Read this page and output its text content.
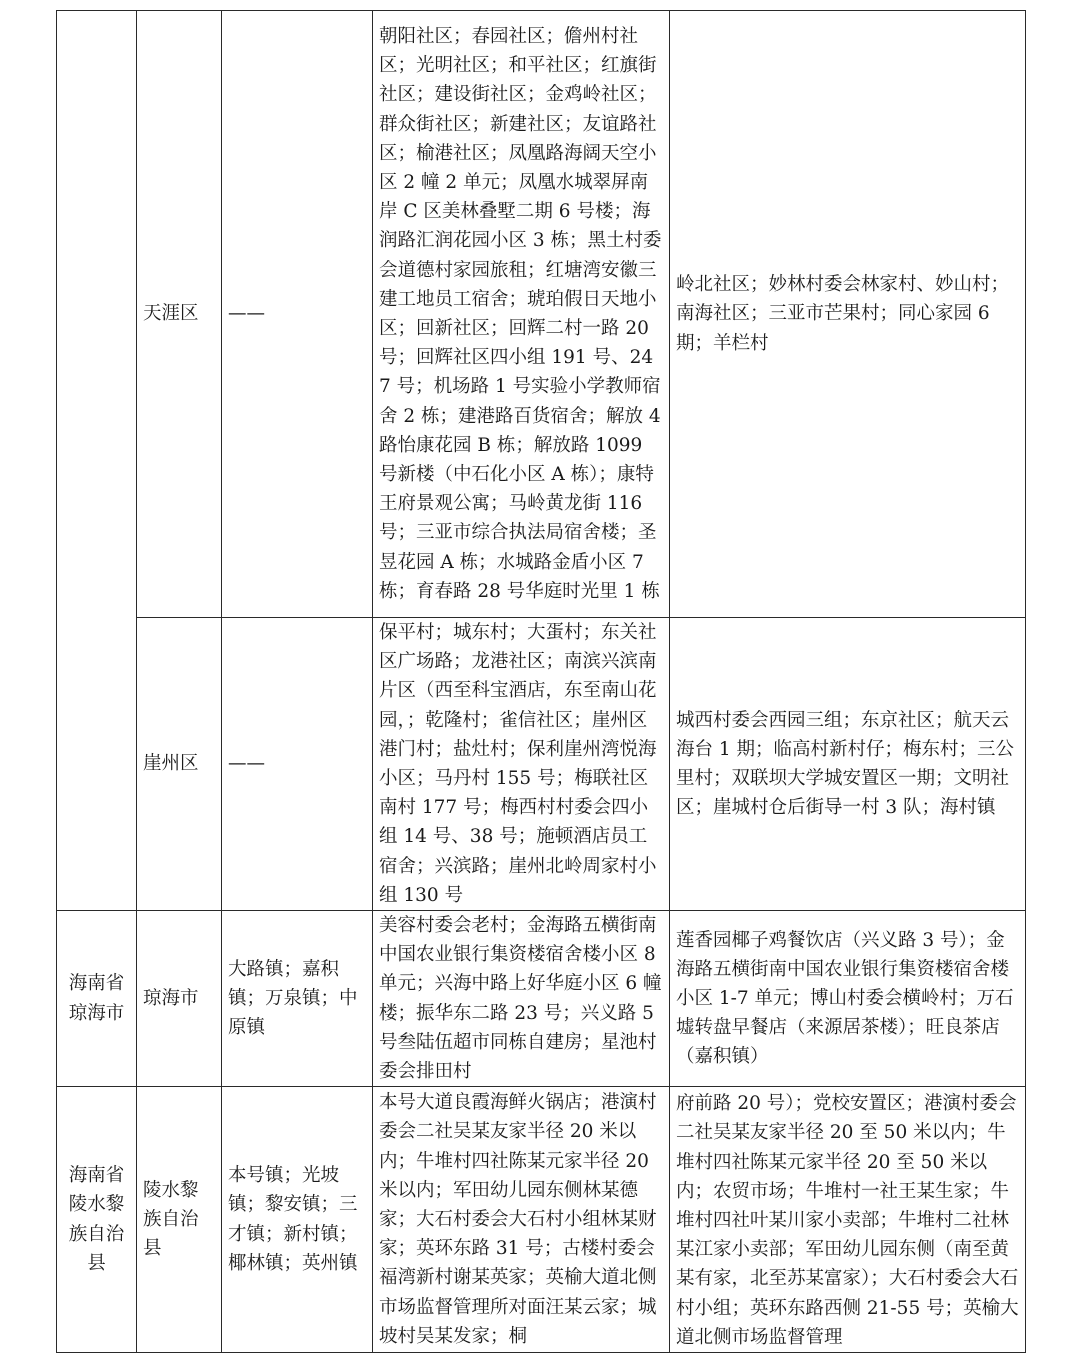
	天涯区	——	朝阳社区；春园社区；儋州村社区；光明社区；和平社区；红旗街社区；建设街社区；金鸡岭社区；群众街社区；新建社区；友谊路社区；榆港社区；凤凰路海阔天空小区 2 幢 2 单元；凤凰水城翠屏南岸 C 区美林叠墅二期 6 号楼；海润路汇润花园小区 3 栋；黑土村委会道德村家园旅租；红塘湾安徽三建工地员工宿舍；琥珀假日天地小区；回新社区；回辉二村一路 20 号；回辉社区四小组 191 号、247 号；机场路 1 号实验小学教师宿舍 2 栋；建港路百货宿舍；解放 4 路怡康花园 B 栋；解放路 1099 号新楼（中石化小区 A 栋）；康特王府景观公寓；马岭黄龙街 116 号；三亚市综合执法局宿舍楼；圣昱花园 A 栋；水城路金盾小区 7 栋；育春路 28 号华庭时光里 1 栋	岭北社区；妙林村委会林家村、妙山村；南海社区；三亚市芒果村；同心家园 6 期；羊栏村
	崖州区	——	保平村；城东村；大蛋村；东关社区广场路；龙港社区；南滨兴滨南片区（西至科宝酒店，东至南山花园，；乾隆村；雀信社区；崖州区港门村；盐灶村；保利崖州湾悦海小区；马丹村 155 号；梅联社区南村 177 号；梅西村村委会四小组 14 号、38 号；施顿酒店员工宿舍；兴滨路；崖州北岭周家村小组 130 号	城西村委会西园三组；东京社区；航天云海台 1 期；临高村新村仔；梅东村；三公里村；双联坝大学城安置区一期；文明社区；崖城村仓后街导一村 3 队；海村镇
海南省琼海市	琼海市	大路镇；嘉积镇；万泉镇；中原镇	美容村委会老村；金海路五横街南中国农业银行集资楼宿舍楼小区 8 单元；兴海中路上好华庭小区 6 幢楼；振华东二路 23 号；兴义路 5 号叁陆伍超市同栋自建房；星池村委会排田村	莲香园椰子鸡餐饮店（兴义路 3 号）；金海路五横街南中国农业银行集资楼宿舍楼小区 1-7 单元；博山村委会横岭村；万石墟转盘早餐店（来源居茶楼）；旺良茶店（嘉积镇）
海南省陵水黎族自治县	陵水黎族自治县	本号镇；光坡镇；黎安镇；三才镇；新村镇；椰林镇；英州镇	本号大道良霞海鲜火锅店；港演村委会二社吴某友家半径 20 米以内；牛堆村四社陈某元家半径 20 米以内；军田幼儿园东侧林某德家；大石村委会大石村小组林某财家；英环东路 31 号；古楼村委会福湾新村谢某英家；英榆大道北侧市场监督管理所对面汪某云家；城坡村吴某发家；桐	府前路 20 号）；党校安置区；港演村委会二社吴某友家半径 20 至 50 米以内；牛堆村四社陈某元家半径 20 至 50 米以内；农贸市场；牛堆村一社王某生家；牛堆村四社叶某川家小卖部；牛堆村二社林某江家小卖部；军田幼儿园东侧（南至黄某有家，北至苏某富家）；大石村委会大石村小组；英环东路西侧 21-55 号；英榆大道北侧市场监督管理
